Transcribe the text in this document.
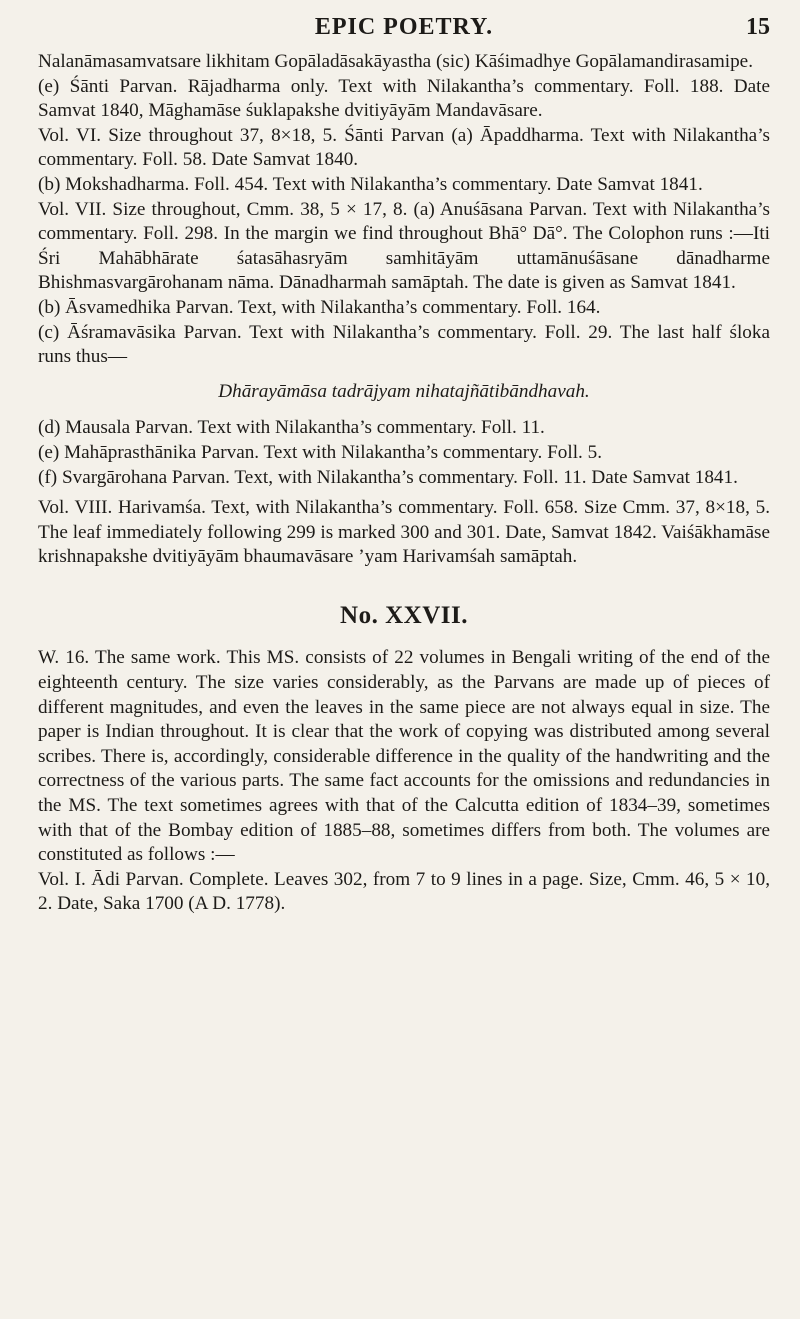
EPIC POETRY.	15

Nalanāmasamvatsare likhitam Gopāladāsakāyastha (sic) Kāśimadhye Gopālamandirasamipe.

(e) Śānti Parvan. Rājadharma only. Text with Nilakantha’s commentary. Foll. 188. Date Samvat 1840, Māghamāse śuklapakshe dvitiyāyām Mandavāsare.

Vol. VI. Size throughout 37, 8×18, 5. Śānti Parvan (a) Āpaddharma. Text with Nilakantha’s commentary. Foll. 58. Date Samvat 1840.

(b) Mokshadharma. Foll. 454. Text with Nilakantha’s commentary. Date Samvat 1841.

Vol. VII. Size throughout, Cmm. 38, 5 × 17, 8. (a) Anuśāsana Parvan. Text with Nilakantha’s commentary. Foll. 298. In the margin we find throughout Bhā° Dā°. The Colophon runs :—Iti Śri Mahābhārate śatasāhasryām samhitāyām uttamānuśāsane dānadharme Bhishmasvargārohanam nāma. Dānadharmah samāptah. The date is given as Samvat 1841.

(b) Āsvamedhika Parvan. Text, with Nilakantha’s commentary. Foll. 164.

(c) Āśramavāsika Parvan. Text with Nilakantha’s commentary. Foll. 29. The last half śloka runs thus—

Dhārayāmāsa tadrājyam nihatajñātibāndhavah.

(d) Mausala Parvan. Text with Nilakantha’s commentary. Foll. 11.

(e) Mahāprasthānika Parvan. Text with Nilakantha’s commentary. Foll. 5.

(f) Svargārohana Parvan. Text, with Nilakantha’s commentary. Foll. 11. Date Samvat 1841.

Vol. VIII. Harivamśa. Text, with Nilakantha’s commentary. Foll. 658. Size Cmm. 37, 8×18, 5. The leaf immediately following 299 is marked 300 and 301. Date, Samvat 1842. Vaiśākhamāse krishnapakshe dvitiyāyām bhaumavāsare ’yam Harivamśah samāptah.

No. XXVII.

W. 16. The same work. This MS. consists of 22 volumes in Bengali writing of the end of the eighteenth century. The size varies considerably, as the Parvans are made up of pieces of different magnitudes, and even the leaves in the same piece are not always equal in size. The paper is Indian throughout. It is clear that the work of copying was distributed among several scribes. There is, accordingly, considerable difference in the quality of the handwriting and the correctness of the various parts. The same fact accounts for the omissions and redundancies in the MS. The text sometimes agrees with that of the Calcutta edition of 1834–39, sometimes with that of the Bombay edition of 1885–88, sometimes differs from both. The volumes are constituted as follows :—

Vol. I. Ādi Parvan. Complete. Leaves 302, from 7 to 9 lines in a page. Size, Cmm. 46, 5 × 10, 2. Date, Saka 1700 (A D. 1778).
